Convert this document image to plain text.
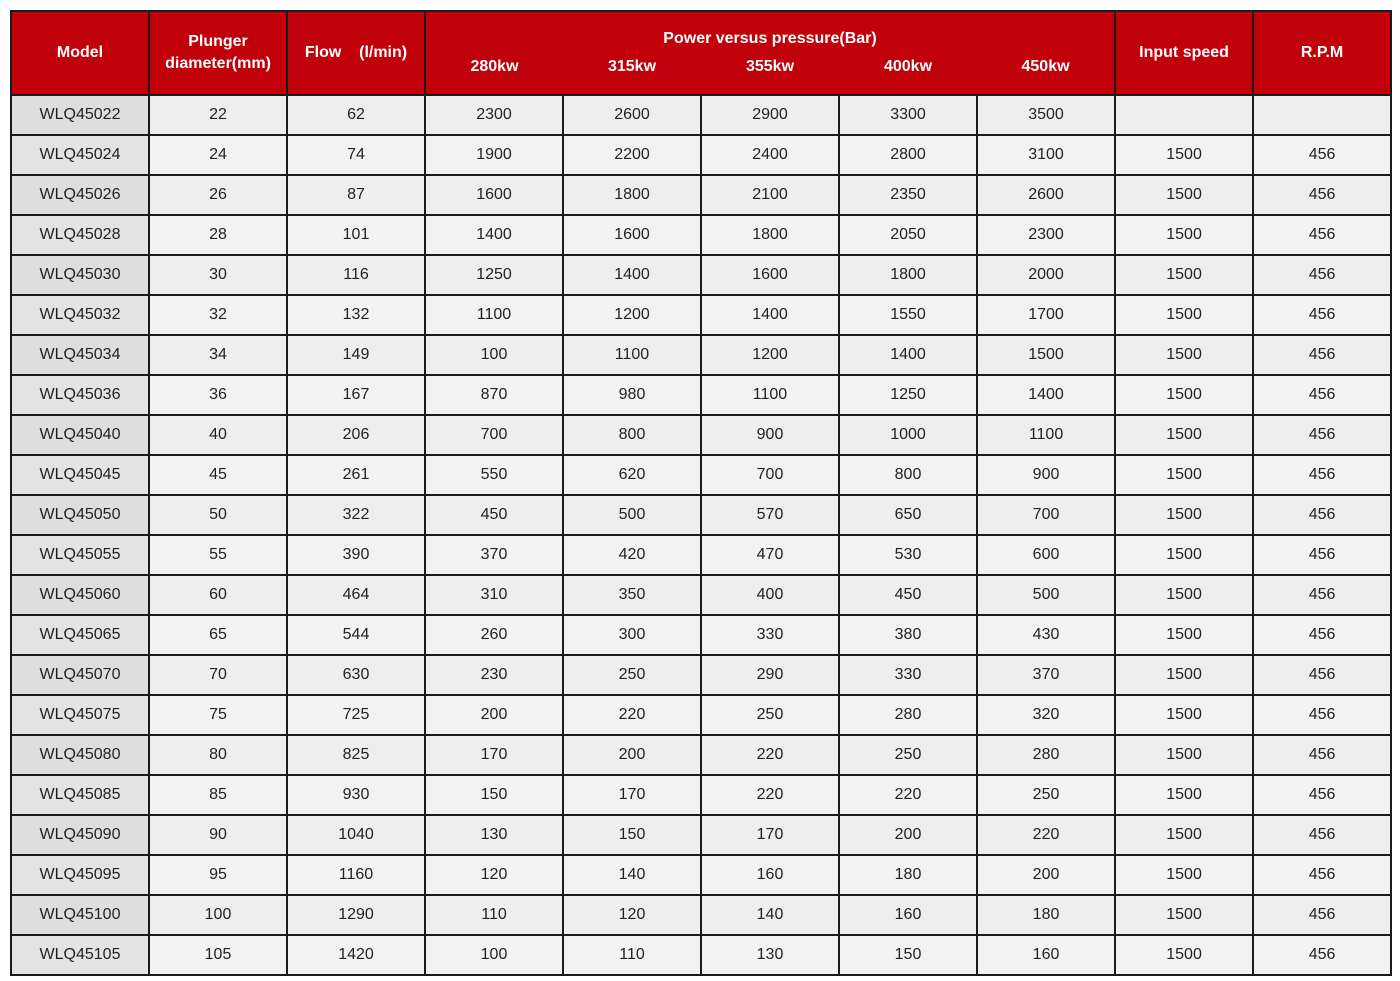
Model	Plunger diameter(mm)	Flow    (l/min)	Power versus pressure(Bar)					Input speed	R.P.M
			280kw	315kw	355kw	400kw	450kw		
WLQ45022	22	62	2300	2600	2900	3300	3500		
WLQ45024	24	74	1900	2200	2400	2800	3100	1500	456
WLQ45026	26	87	1600	1800	2100	2350	2600	1500	456
WLQ45028	28	101	1400	1600	1800	2050	2300	1500	456
WLQ45030	30	116	1250	1400	1600	1800	2000	1500	456
WLQ45032	32	132	1100	1200	1400	1550	1700	1500	456
WLQ45034	34	149	100	1100	1200	1400	1500	1500	456
WLQ45036	36	167	870	980	1100	1250	1400	1500	456
WLQ45040	40	206	700	800	900	1000	1100	1500	456
WLQ45045	45	261	550	620	700	800	900	1500	456
WLQ45050	50	322	450	500	570	650	700	1500	456
WLQ45055	55	390	370	420	470	530	600	1500	456
WLQ45060	60	464	310	350	400	450	500	1500	456
WLQ45065	65	544	260	300	330	380	430	1500	456
WLQ45070	70	630	230	250	290	330	370	1500	456
WLQ45075	75	725	200	220	250	280	320	1500	456
WLQ45080	80	825	170	200	220	250	280	1500	456
WLQ45085	85	930	150	170	220	220	250	1500	456
WLQ45090	90	1040	130	150	170	200	220	1500	456
WLQ45095	95	1160	120	140	160	180	200	1500	456
WLQ45100	100	1290	110	120	140	160	180	1500	456
WLQ45105	105	1420	100	110	130	150	160	1500	456
